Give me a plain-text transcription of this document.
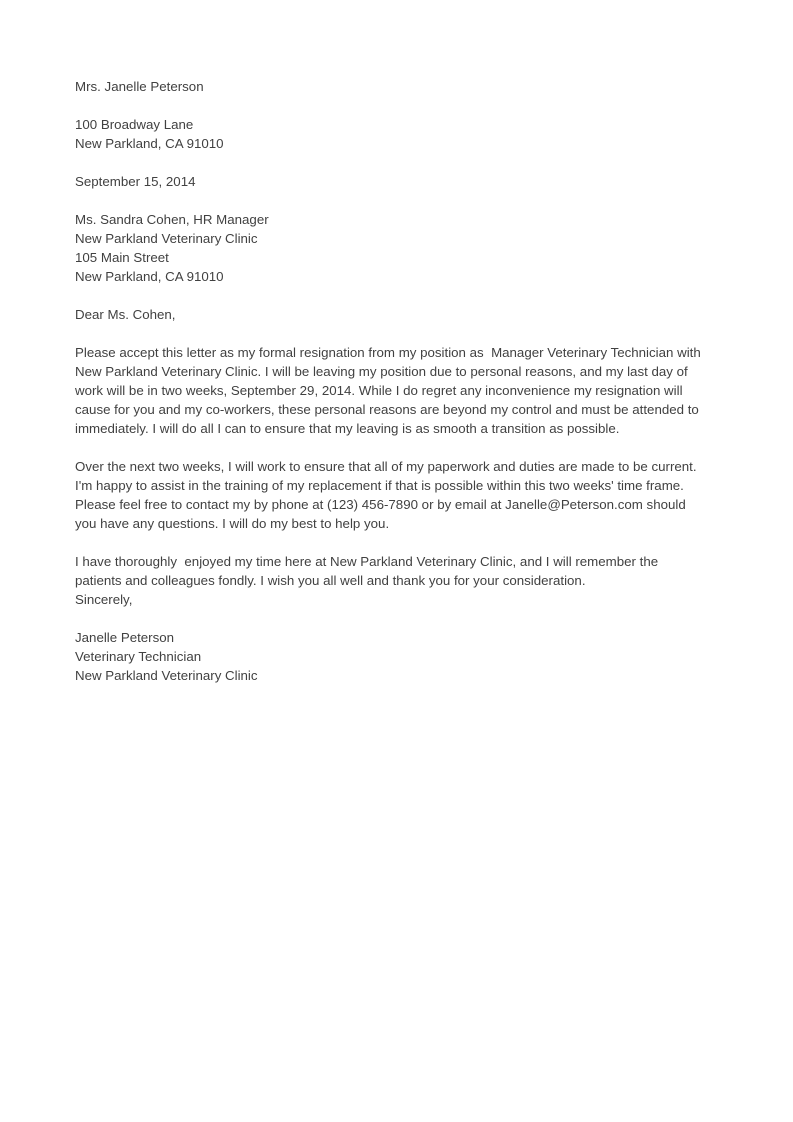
Mrs. Janelle Peterson
100 Broadway Lane
New Parkland, CA 91010
September 15, 2014
Ms. Sandra Cohen, HR Manager
New Parkland Veterinary Clinic
105 Main Street
New Parkland, CA 91010
Dear Ms. Cohen,
Please accept this letter as my formal resignation from my position as  Manager Veterinary Technician with New Parkland Veterinary Clinic. I will be leaving my position due to personal reasons, and my last day of work will be in two weeks, September 29, 2014. While I do regret any inconvenience my resignation will cause for you and my co-workers, these personal reasons are beyond my control and must be attended to immediately. I will do all I can to ensure that my leaving is as smooth a transition as possible.
Over the next two weeks, I will work to ensure that all of my paperwork and duties are made to be current. I'm happy to assist in the training of my replacement if that is possible within this two weeks' time frame. Please feel free to contact my by phone at (123) 456-7890 or by email at Janelle@Peterson.com should you have any questions. I will do my best to help you.
I have thoroughly  enjoyed my time here at New Parkland Veterinary Clinic, and I will remember the patients and colleagues fondly. I wish you all well and thank you for your consideration.
Sincerely,
Janelle Peterson
Veterinary Technician
New Parkland Veterinary Clinic
